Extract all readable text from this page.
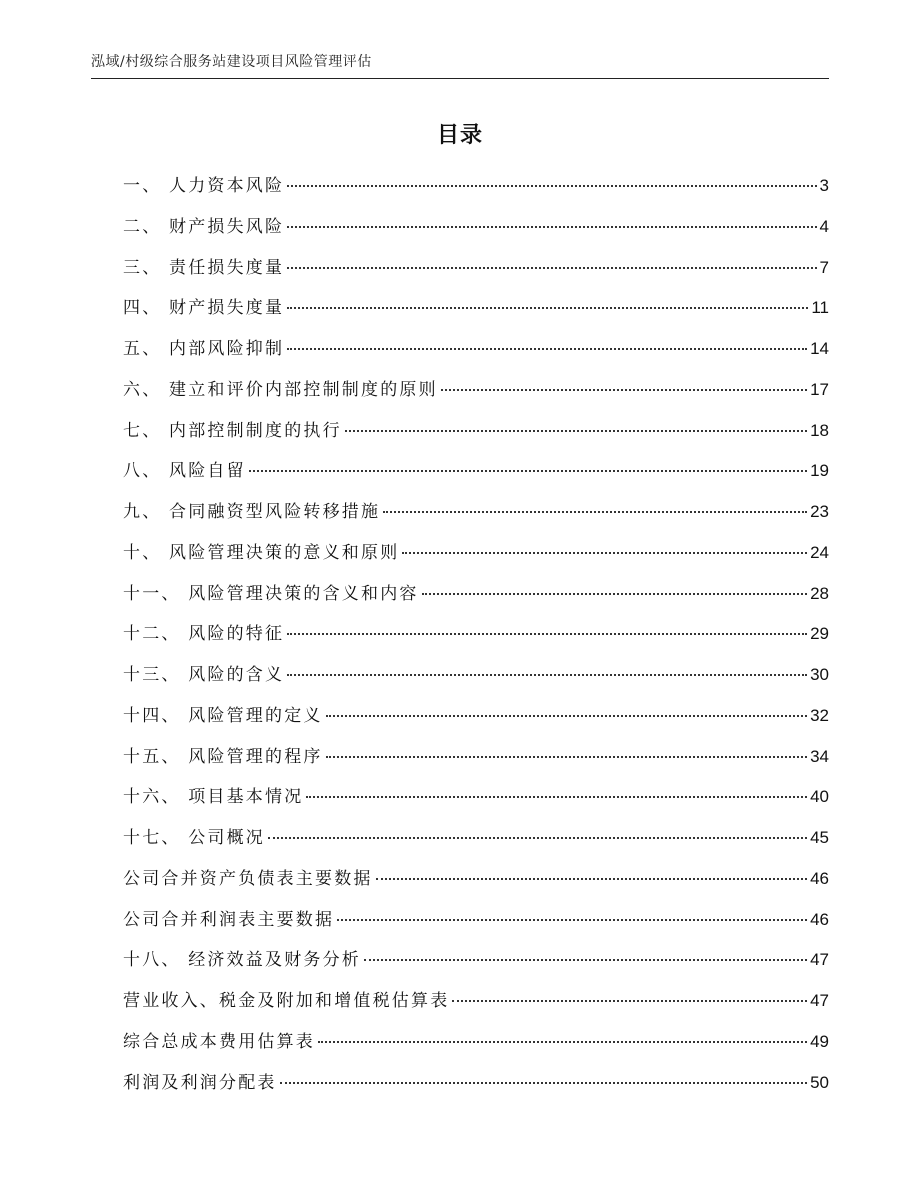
泓域/村级综合服务站建设项目风险管理评估
目录
一、 人力资本风险	3
二、 财产损失风险	4
三、 责任损失度量	7
四、 财产损失度量	11
五、 内部风险抑制	14
六、 建立和评价内部控制制度的原则	17
七、 内部控制制度的执行	18
八、 风险自留	19
九、 合同融资型风险转移措施	23
十、 风险管理决策的意义和原则	24
十一、 风险管理决策的含义和内容	28
十二、 风险的特征	29
十三、 风险的含义	30
十四、 风险管理的定义	32
十五、 风险管理的程序	34
十六、 项目基本情况	40
十七、 公司概况	45
公司合并资产负债表主要数据	46
公司合并利润表主要数据	46
十八、 经济效益及财务分析	47
营业收入、税金及附加和增值税估算表	47
综合总成本费用估算表	49
利润及利润分配表	50
